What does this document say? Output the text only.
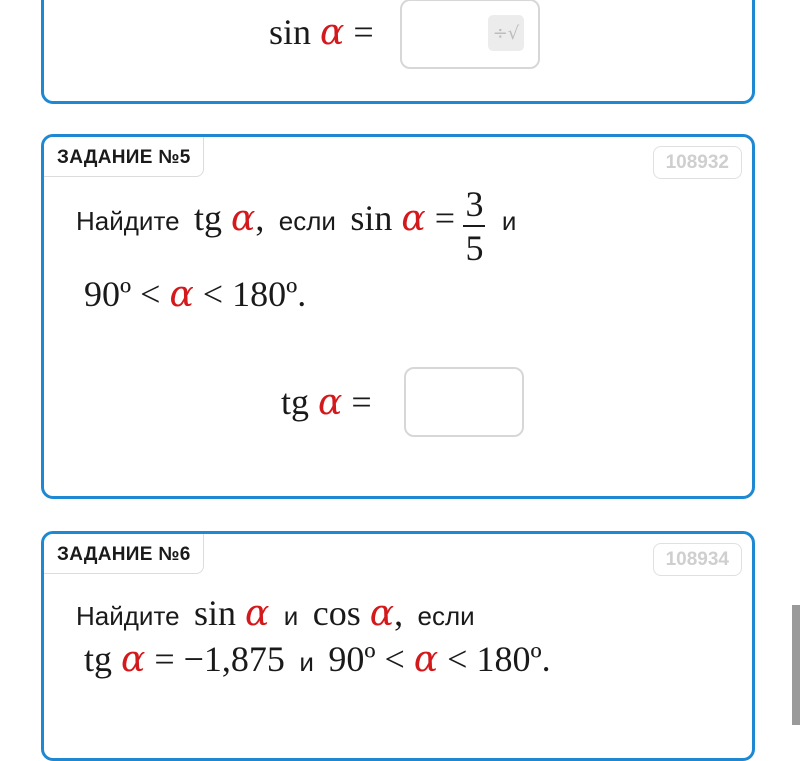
sin α =	÷√
ЗАДАНИЕ №5	108932
Найдите tg α, если $\sin \alpha = \frac{3}{5}$ и
90º < α < 180º.
tg α =
ЗАДАНИЕ №6	108934
Найдите sin α и cos α, если
tg α = −1,875 и 90º < α < 180º.
